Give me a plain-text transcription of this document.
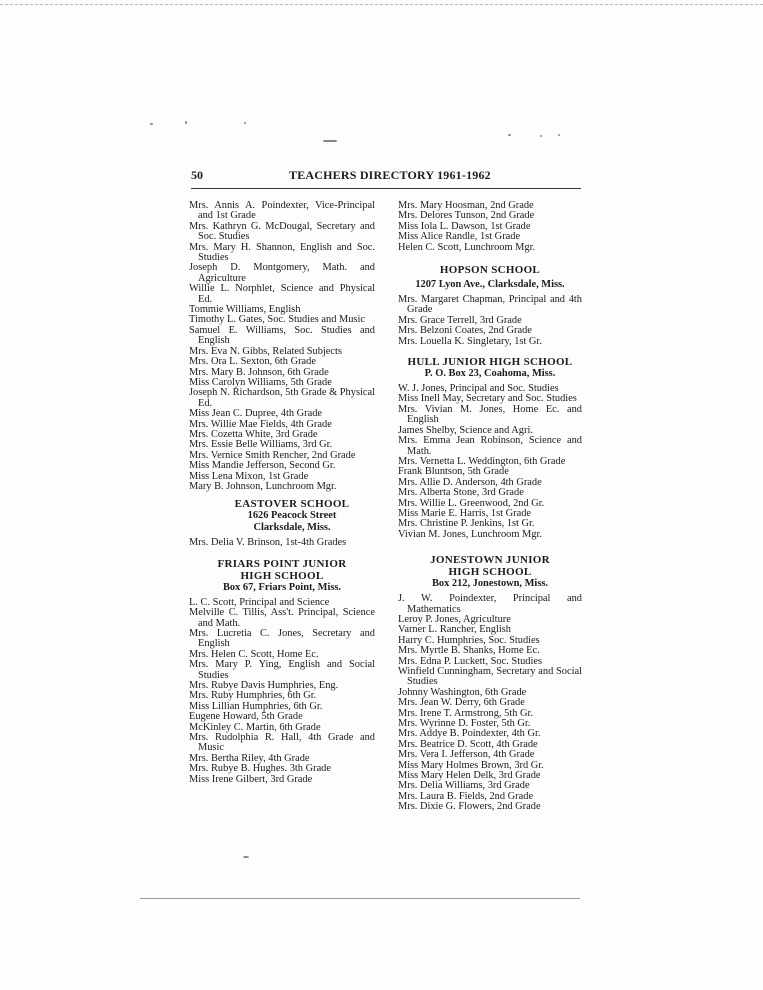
50	TEACHERS DIRECTORY 1961-1962
Mrs. Annis A. Poindexter, Vice-Principal and 1st Grade
Mrs. Kathryn G. McDougal, Secretary and Soc. Studies
Mrs. Mary H. Shannon, English and Soc. Studies
Joseph D. Montgomery, Math. and Agriculture
Willie L. Norphlet, Science and Physical Ed.
Tommie Williams, English
Timothy L. Gates, Soc. Studies and Music
Samuel E. Williams, Soc. Studies and English
Mrs. Eva N. Gibbs, Related Subjects
Mrs. Ora L. Sexton, 6th Grade
Mrs. Mary B. Johnson, 6th Grade
Miss Carolyn Williams, 5th Grade
Joseph N. Richardson, 5th Grade & Physical Ed.
Miss Jean C. Dupree, 4th Grade
Mrs. Willie Mae Fields, 4th Grade
Mrs. Cozetta White, 3rd Grade
Mrs. Essie Belle Williams, 3rd Gr.
Mrs. Vernice Smith Rencher, 2nd Grade
Miss Mandie Jefferson, Second Gr.
Miss Lena Mixon, 1st Grade
Mary B. Johnson, Lunchroom Mgr.
EASTOVER SCHOOL
1626 Peacock Street
Clarksdale, Miss.
Mrs. Delia V. Brinson, 1st-4th Grades
FRIARS POINT JUNIOR
HIGH SCHOOL
Box 67, Friars Point, Miss.
L. C. Scott, Principal and Science
Melville C. Tillis, Ass't. Principal, Science and Math.
Mrs. Lucretia C. Jones, Secretary and English
Mrs. Helen C. Scott, Home Ec.
Mrs. Mary P. Ying, English and Social Studies
Mrs. Rubye Davis Humphries, Eng.
Mrs. Ruby Humphries, 6th Gr.
Miss Lillian Humphries, 6th Gr.
Eugene Howard, 5th Grade
McKinley C. Martin, 6th Grade
Mrs. Rudolphia R. Hall, 4th Grade and Music
Mrs. Bertha Riley, 4th Grade
Mrs. Rubye B. Hughes. 3th Grade
Miss Irene Gilbert, 3rd Grade
Mrs. Mary Hoosman, 2nd Grade
Mrs. Delores Tunson, 2nd Grade
Miss Iola L. Dawson, 1st Grade
Miss Alice Randle, 1st Grade
Helen C. Scott, Lunchroom Mgr.
HOPSON SCHOOL
1207 Lyon Ave., Clarksdale, Miss.
Mrs. Margaret Chapman, Principal and 4th Grade
Mrs. Grace Terrell, 3rd Grade
Mrs. Belzoni Coates, 2nd Grade
Mrs. Louella K. Singletary, 1st Gr.
HULL JUNIOR HIGH SCHOOL
P. O. Box 23, Coahoma, Miss.
W. J. Jones, Principal and Soc. Studies
Miss Inell May, Secretary and Soc. Studies
Mrs. Vivian M. Jones, Home Ec. and English
James Shelby, Science and Agri.
Mrs. Emma Jean Robinson, Science and Math.
Mrs. Vernetta L. Weddington, 6th Grade
Frank Bluntson, 5th Grade
Mrs. Allie D. Anderson, 4th Grade
Mrs. Alberta Stone, 3rd Grade
Mrs. Willie L. Greenwood, 2nd Gr.
Miss Marie E. Harris, 1st Grade
Mrs. Christine P. Jenkins, 1st Gr.
Vivian M. Jones, Lunchroom Mgr.
JONESTOWN JUNIOR
HIGH SCHOOL
Box 212, Jonestown, Miss.
J. W. Poindexter, Principal and Mathematics
Leroy P. Jones, Agriculture
Varner L. Rancher, English
Harry C. Humphries, Soc. Studies
Mrs. Myrtle B. Shanks, Home Ec.
Mrs. Edna P. Luckett, Soc. Studies
Winfield Cunningham, Secretary and Social Studies
Johnny Washington, 6th Grade
Mrs. Jean W. Derry, 6th Grade
Mrs. Irene T. Armstrong, 5th Gr.
Mrs. Wyrinne D. Foster, 5th Gr.
Mrs. Addye B. Poindexter, 4th Gr.
Mrs. Beatrice D. Scott, 4th Grade
Mrs. Vera I. Jefferson, 4th Grade
Miss Mary Holmes Brown, 3rd Gr.
Miss Mary Helen Delk, 3rd Grade
Mrs. Delia Williams, 3rd Grade
Mrs. Laura B. Fields, 2nd Grade
Mrs. Dixie G. Flowers, 2nd Grade
